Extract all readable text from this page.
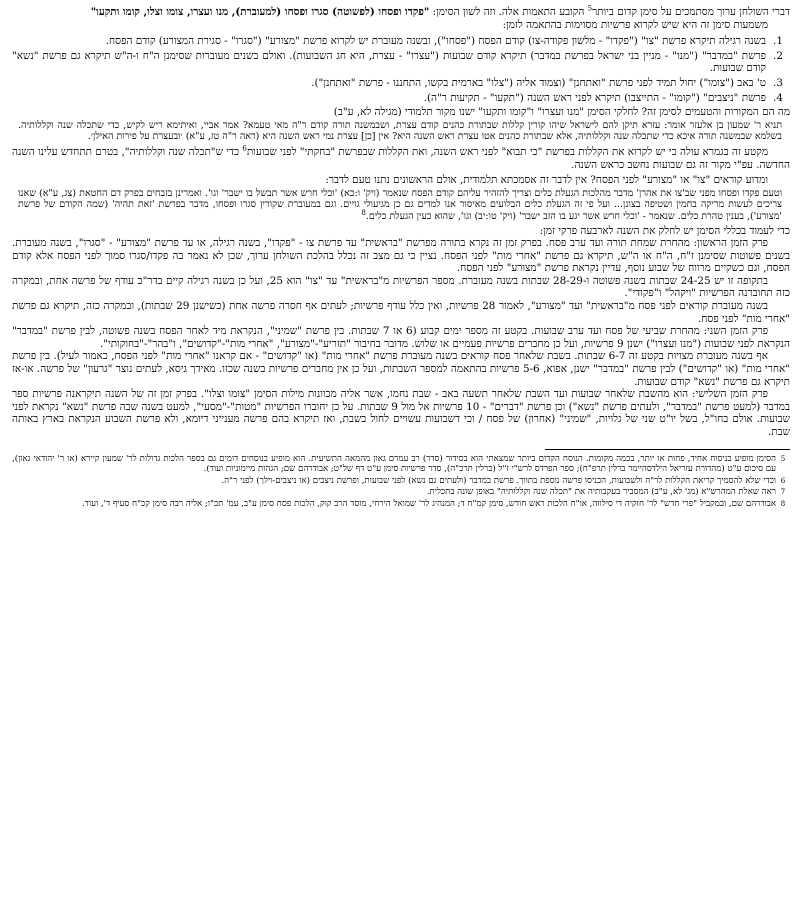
דברי השולחן ערוך מסתמכים על סימן קדום ביותר$^5$ הקובע התאמות אלה. וזה לשון הסימן: "פקדו ופסחו (לפשוטה) סגרו ופסחו (למעוברת), מנו ועצרו, צומו וצלו, קומו ותקעו"

משמעות סימן זה היא שיש לקרוא פרשיות מסוימות בהתאמה לזמן:

1.
בשנה רגילה תיקרא פרשת "צו" ("פקדו" - מלשון פקודה-צו) קודם הפסח ("פסחו"), ובשנה מעוברת יש לקרוא פרשת "מצורע" ("סגרו" - סגירת המצורע) קודם הפסח.
2.
פרשת "במדבר" ("מנו" - מניין בני ישראל בפרשת במדבר) תיקרא קודם שבועות ("עצרו" - עצרת, היא חג השבועות). ואולם בשנים מעוברות שסימנן ה"ח ו-ה"ש תיקרא גם פרשת "נשא" קודם שבועות.
3.
ט' באב ("צומו") יחול תמיד לפני פרשת "ואתחנן" (וצמוד אליה ("צלו" בארמית בקשו, התחננו - פרשת "ואתחנן").
4.
פרשת "ניצבים" ("קומו" - התייצבו) תיקרא לפני ראש השנה ("תקעו" - תקיעות ר"ה).

מה הם המקורות והטעמים לסימן זה? לחלקי הסימן "מנו ועצרו" ו"קומו ותקעו" ישנו מקור תלמודי (מגילה לא, ע"ב)

תניא ר' שמעון בן אלעזר אומר: עזרא תיקן להם לישראל שיהו קורין קללות שבתורת כהנים קודם עצרת, ושבמשנה תורה קודם ר"ה מאי טעמא? אמר אביי, ואיתימא ריש לקיש, כדי שתכלה שנה וקללותיה. בשלמא שבמשנה תורה איכא כדי שתכלה שנה וקללותיה, אלא שבתורת כהנים אטו עצרת ראש השנה היא? אין [כן] עצרת נמי ראש השנה היא (ראה ר"ה טז, ע"א) ׳ובעצרת על פירות האילן׳.

מקטע זה בגמרא עולה כי יש לקרוא את הקללות בפרשת "כי תבוא" לפני ראש השנה, ואת הקללות שבפרשת "בחקתי" לפני שבועות$^6$ כדי ש"תכלה שנה וקללותיה", בטרם תתחדש עלינו השנה החדשה. עפ"י מקור זה גם שבועות נחשב כראש השנה.

ומדוע קוראים "צו" או "מצורע" לפני הפסח? אין לדבר זה אסמכתא תלמודית, אולם הראשונים נתנו טעם לדבר:

וטעם פקדו ופסחו מפני שב'צו את אהרן' מדבר מהלכות הגעלת כלים וצריך להזהיר עליהם קודם הפסח שנאמר (ויק' ו:כא) 'וכלי חרש אשר תבשל בו ישבר' וגו'. ואמרינן בזבחים בפרק דם החטאת (צג, ע"א) שאנו צריכים לעשות מריקה בחמין ושטיפה בצונן... ועל פי זה הגעלת כלים הבלועים מאיסור אנו למדים גם כן מגיעולי גויים. וגם במעוברת שקורין סגרו ופסחו, מדבר בפרשת 'זאת תהיה' (שמה הקודם של פרשת 'מצורע'), בענין טהרת כלים. שנאמר - 'וכלי חרש אשר יגע בו הזב ישבר' (ויק' טו:יב) וגו', שהוא כעין הגעלת כלים.$^8$

כדי לעמוד בכללי הסימן יש לחלק את השנה לארבעה פרקי זמן:

פרק הזמן הראשון: מהחרת שמחת תורה ועד ערב פסח. בפרק זמן זה נקרא בתורה מפרשת "בראשית" עד פרשת צו - "פקדו", בשנה רגילה, או עד פרשת "מצורע" - "סגרו", בשנה מעוברת. בשנים פשוטות שסימנן ז"ח, ה"ח או ה"ש, תיקרא גם פרשת "אחרי מות" לפני הפסח. נציין כי גם מצב זה נכלל בהלכת השולחן ערוך, שכן לא נאמר בה פקדו/סגרו סמוך לפני הפסח אלא קודם הפסח, וגם כשקיים מרווח של שבוע נוסף, עדיין נקראת פרשת "מצורע" לפני הפסח.

בתקופה זו יש 24-25 שבתות בשנה פשוטה ו-28-29 שבתות בשנה מעוברת. מספר הפרשיות מ"בראשית" עד "צו" הוא 25, ועל כן בשנה רגילה קיים בדר"כ עודף של פרשה אחת, ובמקרה כזה תחוברנה הפרשיות "ויקהל" ו"פקודי".

בשנה מעוברת קוראים לפני פסח מ"בראשית" ועד "מצורע", לאמור 28 פרשיות, ואין כלל עודף פרשיות; לעתים אף חסרה פרשה אחת (כשישנן 29 שבתות), ובמקרה כזה, תיקרא גם פרשת "אחרי מות" לפני פסח.

פרק הזמן השני: מהחרת שביעי של פסח ועד ערב שבועות. בקטע זה מספר ימים קבוע (6 או 7 שבתות. בין פרשת "שמיני", הנקראת מיד לאחר הפסח בשנה פשוטה, לבין פרשת "במדבר" הנקראת לפני שבועות ("מנו ועצרו") ישנן 9 פרשיות, ועל כן מחברים פרשיות פעמיים או שלוש. מדובר בחיבור "תזריע"-"מצורע", "אחרי מות"-"קדושים", ו"בהר"-"בחוקותי".

אף בשנה מעוברת מצויות בקטע זה 6-7 שבתות. בשבת שלאחר פסח קוראים בשנה מעוברת פרשת "אחרי מות" (או "קדושים" - אם קראנו "אחרי מות" לפני הפסח, כאמור לעיל). בין פרשת "אחרי מות" (או "קדושים") לבין פרשת "במדבר" ישנן, אפוא, 5-6 פרשיות בהתאמה למספר השבתות, ועל כן אין מחברים פרשיות בשנה שכזו. מאידך גיסא, לעתים נוצר "גרעון" של פרשה. או-אז תיקרא גם פרשת "נשא" קודם שבועות.

פרק הזמן השלישי: הוא מהשבת שלאחר שבועות ועד השבת שלאחר תשעה באב - שבת נחמו, אשר אליה מכוונות מילות הסימן "צומו וצלו". בפרק זמן זה של השנה תיקראנה פרשיות ספר במדבר (למעט פרשת "במדבר", ולעתים פרשת "נשא") וכן פרשת "דברים" - 10 פרשיות אל מול 9 שבתות. על כן יחוברו הפרשיות "מטות"-"מסעי", למעט בשנה שבה פרשת "נשא" נקראת לפני שבועות. אולם בחו"ל, בשל יו"ט שני של גלויות, "שמיני" (אחרון) של פסח / וכי דשבועות עשויים לחול בשבת, ואז תיקרא בהם פרשה מענייני דיומא, ולא פרשת השבוע הנקראת בארץ באותה שבת.

5
הסימן מופיע בניסוח אחיד, פחות או יותר, בכמה מקומות. הנוסח הקדום ביותר שמצאתי הוא בסידור (סדר) רב עמרם גאון מהמאה התשיעית. הוא מופיע בנוסחים דומים גם בספר הלכות גדולות לר' שמעון קיירא (או ר' יהודאי גאון), עם סיכום ע"ט (מהדורת עזריאל הילדסהיימר ברלין תרפ"ח); ספר הפרדס לרש"י ז"ל (ברלין תרכ"ה), סדר פרשיות סימן ע"ט דף של"ט; אבודרהם שם; הגהות מיימוניות ועוד).
6
וכדי שלא להסמיך קריאת הקללות לר"ה ולשבועות, הכניסו פרשה נוספת בתווך. פרשת במדבר (ולעתים גם נשא) לפני שבועות, ופרשת ניצבים (או ניצבים-וילך) לפני ר"ה.
7
ראה שאלת המהרש"א (מג' לא, ע"ב) המסביר בעקבותיה את "תכלה שנה וקללותיה" באופן שונה בתכלית.
8
אבודרהם שם, ובמקביל "פרי חדש" לר' חזקיה די סילווה, או"ח הלכות ראש חודש, סימן קמ"ח ד; המנהיג לר' שמואל הירחי, מוסד הרב קוק, הלכות פסח סימן ע"ב, עמ' תכ"ו; אליה רבה סימן קכ"ח סעיף ד', ועוד.
